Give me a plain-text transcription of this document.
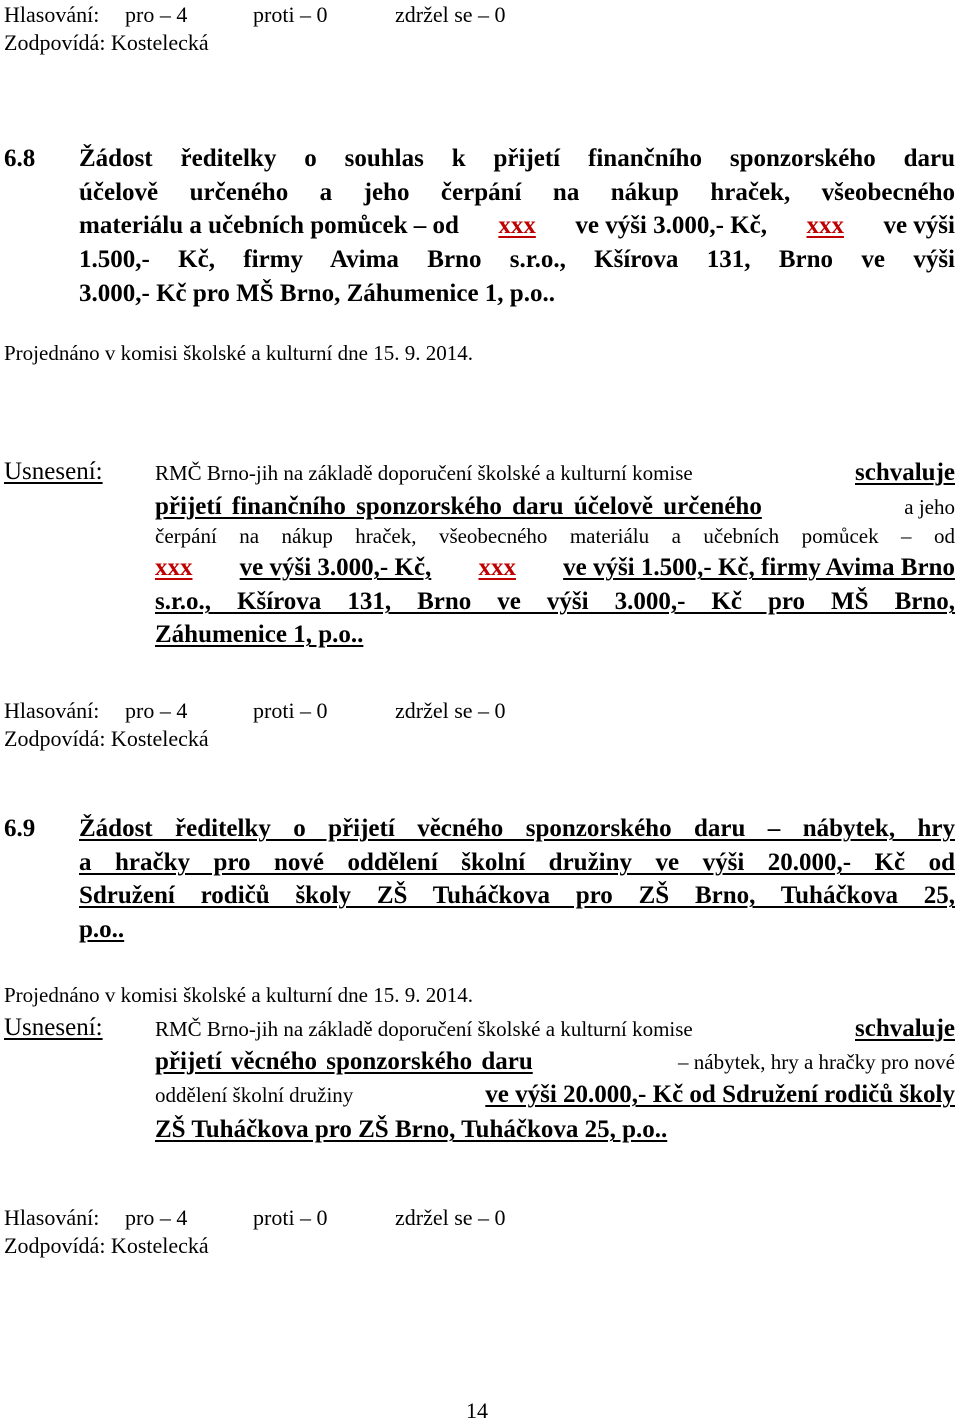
Hlasování: pro – 4	proti – 0	zdržel se – 0
Zodpovídá: Kostelecká
6.8 Žádost ředitelky o souhlas k přijetí finančního sponzorského daru
účelově určeného a jeho čerpání na nákup hraček, všeobecného
materiálu a učebních pomůcek – od xxx ve výši 3.000,- Kč, xxx ve výši
1.500,- Kč, firmy Avima Brno s.r.o., Kšírova 131, Brno ve výši
3.000,- Kč pro MŠ Brno, Záhumenice 1, p.o..
Projednáno v komisi školské a kulturní dne 15. 9. 2014.
Usnesení: RMČ Brno-jih na základě doporučení školské a kulturní komise	schvaluje
přijetí finančního sponzorského daru účelově určeného	a jeho
čerpání na nákup hraček, všeobecného materiálu a učebních pomůcek – od
xxx ve výši 3.000,- Kč, xxx ve výši 1.500,- Kč, firmy Avima Brno
s.r.o., Kšírova 131, Brno ve výši 3.000,- Kč pro MŠ Brno,
Záhumenice 1, p.o..
Hlasování: pro – 4	proti – 0	zdržel se – 0
Zodpovídá: Kostelecká
6.9 Žádost ředitelky o přijetí věcného sponzorského daru – nábytek, hry
a hračky pro nové oddělení školní družiny ve výši 20.000,- Kč od
Sdružení rodičů školy ZŠ Tuháčkova pro ZŠ Brno, Tuháčkova 25,
p.o..
Projednáno v komisi školské a kulturní dne 15. 9. 2014.
Usnesení: RMČ Brno-jih na základě doporučení školské a kulturní komise	schvaluje
přijetí věcného sponzorského daru	– nábytek, hry a hračky pro nové
oddělení školní družiny	ve výši 20.000,- Kč od Sdružení rodičů školy
ZŠ Tuháčkova pro ZŠ Brno, Tuháčkova 25, p.o..
Hlasování: pro – 4	proti – 0	zdržel se – 0
Zodpovídá: Kostelecká
14
